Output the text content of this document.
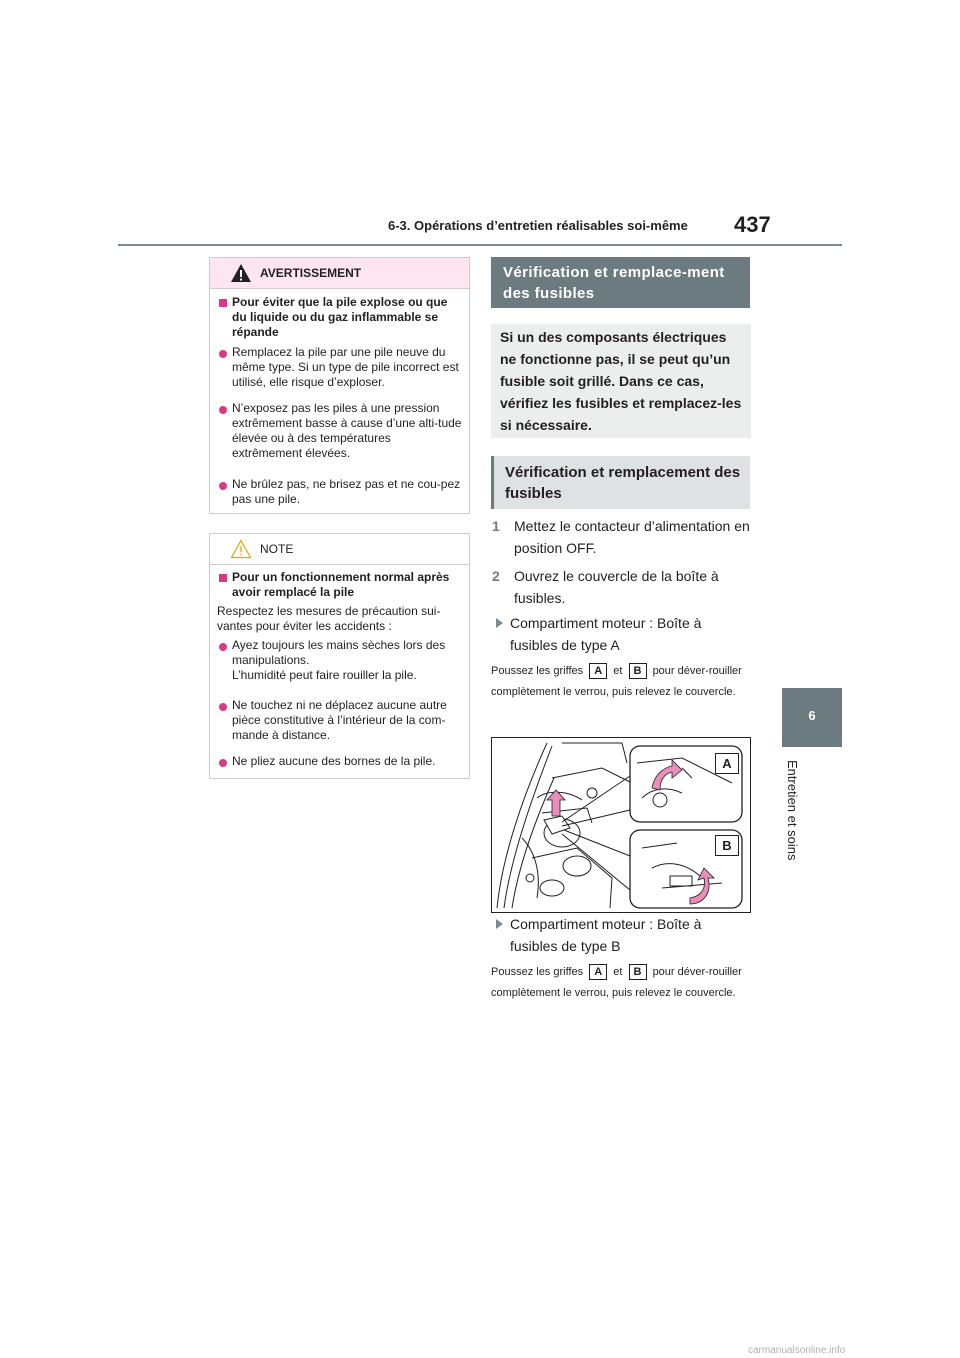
6-3. Opérations d’entretien réalisables soi-même 437
6
Entretien et soins
AVERTISSEMENT
Pour éviter que la pile explose ou que du liquide ou du gaz inflammable se répande
Remplacez la pile par une pile neuve du même type. Si un type de pile incorrect est utilisé, elle risque d’exploser.
N’exposez pas les piles à une pression extrêmement basse à cause d’une alti-tude élevée ou à des températures extrêmement élevées.
Ne brûlez pas, ne brisez pas et ne cou-pez pas une pile.
NOTE
Pour un fonctionnement normal après avoir remplacé la pile
Respectez les mesures de précaution sui-vantes pour éviter les accidents :
Ayez toujours les mains sèches lors des manipulations.
L’humidité peut faire rouiller la pile.
Ne touchez ni ne déplacez aucune autre pièce constitutive à l’intérieur de la com-mande à distance.
Ne pliez aucune des bornes de la pile.
Vérification et remplace-ment des fusibles
Si un des composants électriques ne fonctionne pas, il se peut qu’un fusible soit grillé. Dans ce cas, vérifiez les fusibles et remplacez-les si nécessaire.
Vérification et remplacement des fusibles
1 Mettez le contacteur d’alimentation en position OFF.
2 Ouvrez le couvercle de la boîte à fusibles.
Compartiment moteur : Boîte à fusibles de type A
Poussez les griffes A et B pour déver-rouiller complètement le verrou, puis relevez le couvercle.
A
B
Compartiment moteur : Boîte à fusibles de type B
Poussez les griffes A et B pour déver-rouiller complètement le verrou, puis relevez le couvercle.
carmanualsonline.info
